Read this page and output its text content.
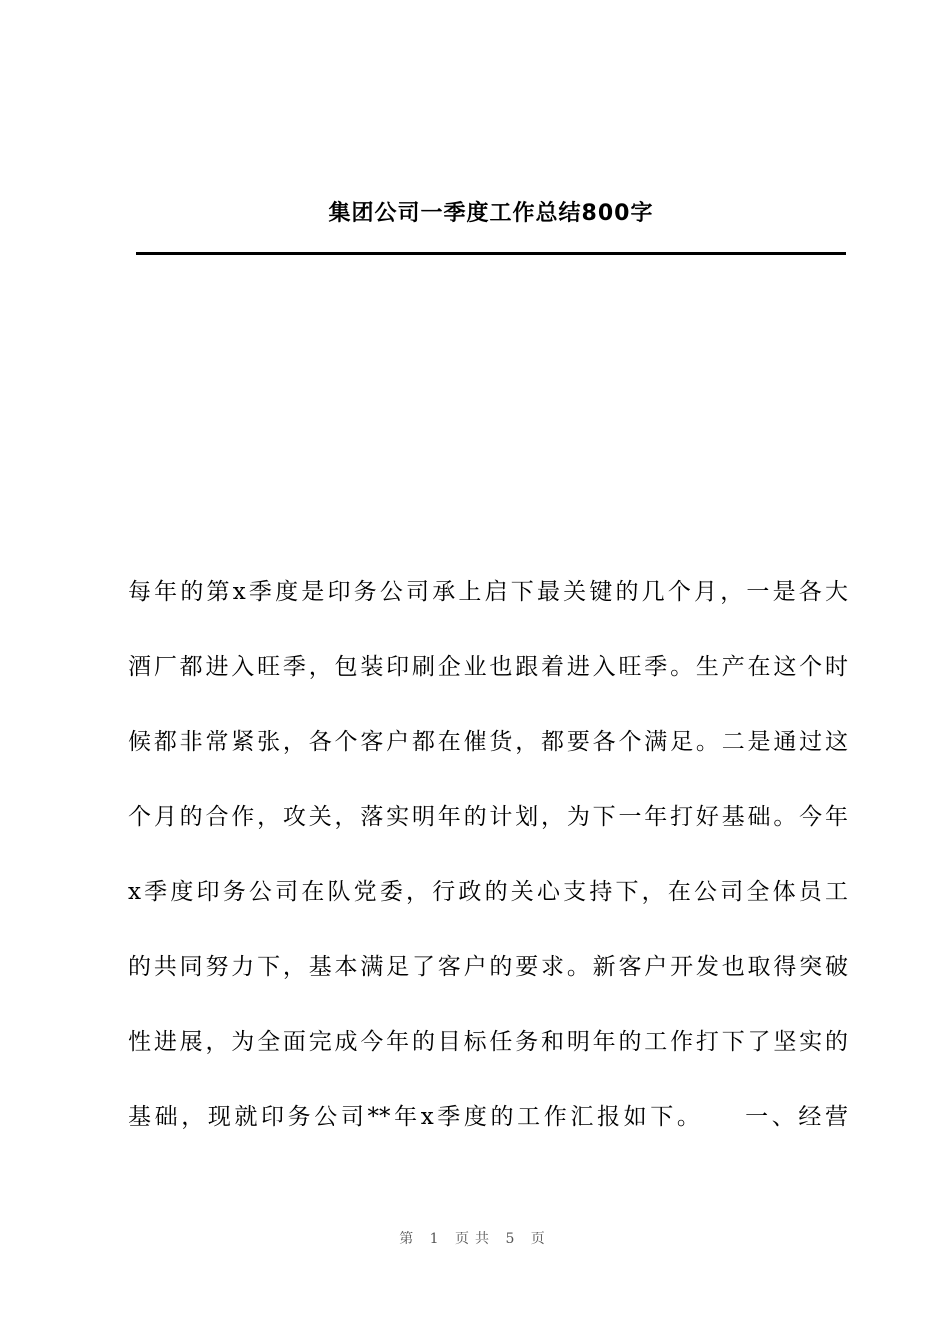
集团公司一季度工作总结800字
每年的第x季度是印务公司承上启下最关键的几个月，一是各大
酒厂都进入旺季，包装印刷企业也跟着进入旺季。生产在这个时
候都非常紧张，各个客户都在催货，都要各个满足。二是通过这
个月的合作，攻关，落实明年的计划，为下一年打好基础。今年
x季度印务公司在队党委，行政的关心支持下，在公司全体员工
的共同努力下，基本满足了客户的要求。新客户开发也取得突破
性进展，为全面完成今年的目标任务和明年的工作打下了坚实的
基础，现就印务公司**年x季度的工作汇报如下。　　一、经营
第 1 页共 5 页
